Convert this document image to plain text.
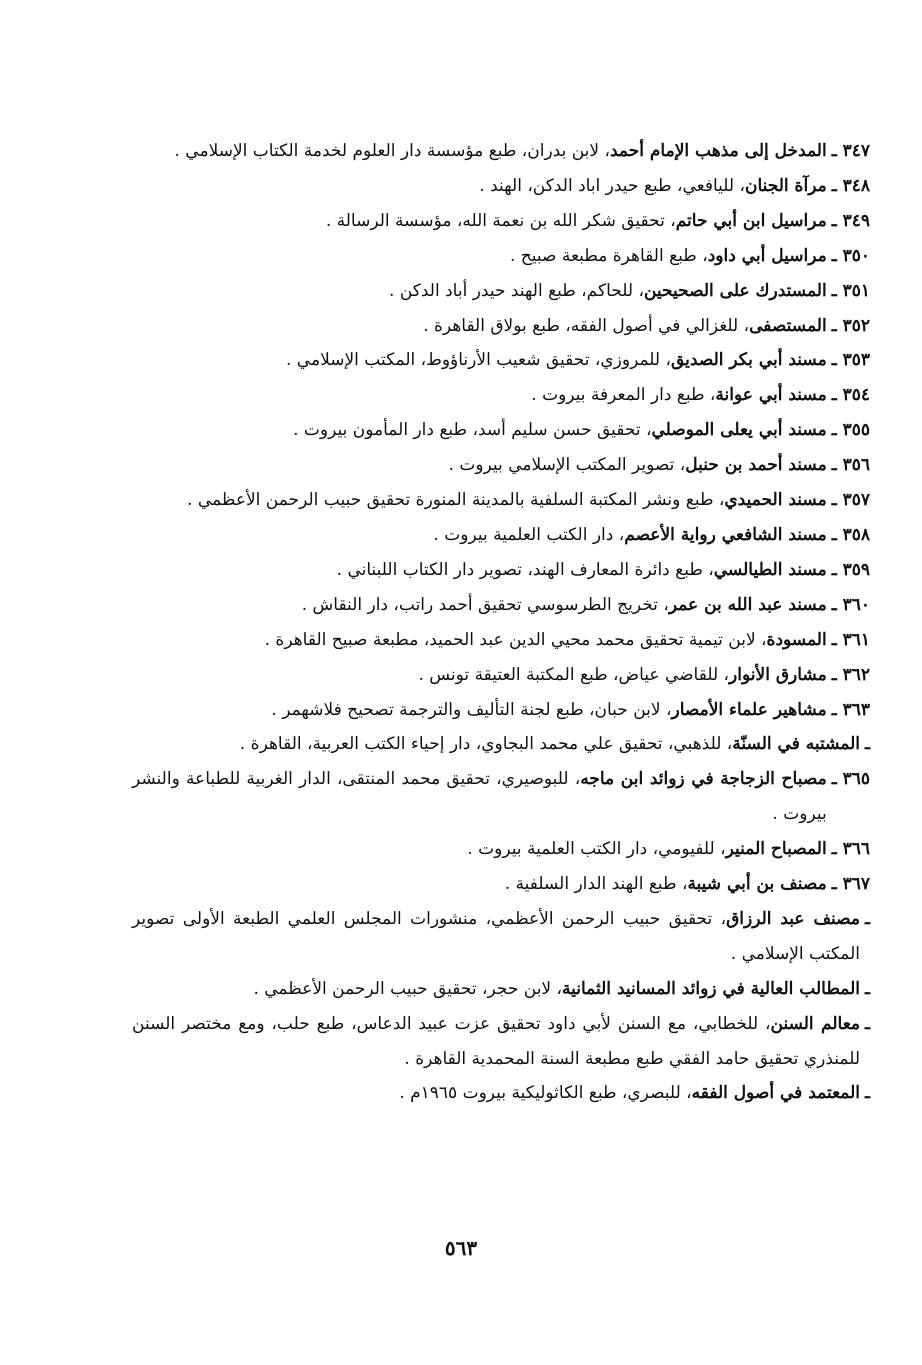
٣٤٧ ـ
المدخل إلى مذهب الإمام أحمد، لابن بدران، طبع مؤسسة دار العلوم لخدمة الكتاب الإسلامي .
٣٤٨ ـ
مرآة الجنان، لليافعي، طبع حيدر اباد الدكن، الهند .
٣٤٩ ـ
مراسيل ابن أبي حاتم، تحقيق شكر الله بن نعمة الله، مؤسسة الرسالة .
٣٥٠ ـ
مراسيل أبي داود، طبع القاهرة مطبعة صبيح .
٣٥١ ـ
المستدرك على الصحيحين، للحاكم، طبع الهند حيدر أباد الدكن .
٣٥٢ ـ
المستصفى، للغزالي في أصول الفقه، طبع بولاق القاهرة .
٣٥٣ ـ
مسند أبي بكر الصديق، للمروزي، تحقيق شعيب الأرناؤوط، المكتب الإسلامي .
٣٥٤ ـ
مسند أبي عوانة، طبع دار المعرفة بيروت .
٣٥٥ ـ
مسند أبي يعلى الموصلي، تحقيق حسن سليم أسد، طبع دار المأمون بيروت .
٣٥٦ ـ
مسند أحمد بن حنبل، تصوير المكتب الإسلامي بيروت .
٣٥٧ ـ
مسند الحميدي، طبع ونشر المكتبة السلفية بالمدينة المنورة تحقيق حبيب الرحمن الأعظمي .
٣٥٨ ـ
مسند الشافعي رواية الأعصم، دار الكتب العلمية بيروت .
٣٥٩ ـ
مسند الطيالسي، طبع دائرة المعارف الهند، تصوير دار الكتاب اللبناني .
٣٦٠ ـ
مسند عبد الله بن عمر، تخريج الطرسوسي تحقيق أحمد راتب، دار النقاش .
٣٦١ ـ
المسودة، لابن تيمية تحقيق محمد محيي الدين عبد الحميد، مطبعة صبيح القاهرة .
٣٦٢ ـ
مشارق الأنوار، للقاضي عياض، طبع المكتبة العتيقة تونس .
٣٦٣ ـ
مشاهير علماء الأمصار، لابن حبان، طبع لجنة التأليف والترجمة تصحيح فلاشهمر .
ـ
المشتبه في السنّة، للذهبي، تحقيق علي محمد البجاوي، دار إحياء الكتب العربية، القاهرة .
٣٦٥ ـ
مصباح الزجاجة في زوائد ابن ماجه، للبوصيري، تحقيق محمد المنتقى، الدار الغربية للطباعة والنشر بيروت .
٣٦٦ ـ
المصباح المنير، للفيومي، دار الكتب العلمية بيروت .
٣٦٧ ـ
مصنف بن أبي شيبة، طبع الهند الدار السلفية .
ـ
مصنف عبد الرزاق، تحقيق حبيب الرحمن الأعظمي، منشورات المجلس العلمي الطبعة الأولى تصوير المكتب الإسلامي .
ـ
المطالب العالية في زوائد المسانيد الثمانية، لابن حجر، تحقيق حبيب الرحمن الأعظمي .
ـ
معالم السنن، للخطابي، مع السنن لأبي داود تحقيق عزت عبيد الدعاس، طبع حلب، ومع مختصر السنن للمنذري تحقيق حامد الفقي طبع مطبعة السنة المحمدية القاهرة .
ـ
المعتمد في أصول الفقه، للبصري، طبع الكاثوليكية بيروت ١٩٦٥م .
٥٦٣
